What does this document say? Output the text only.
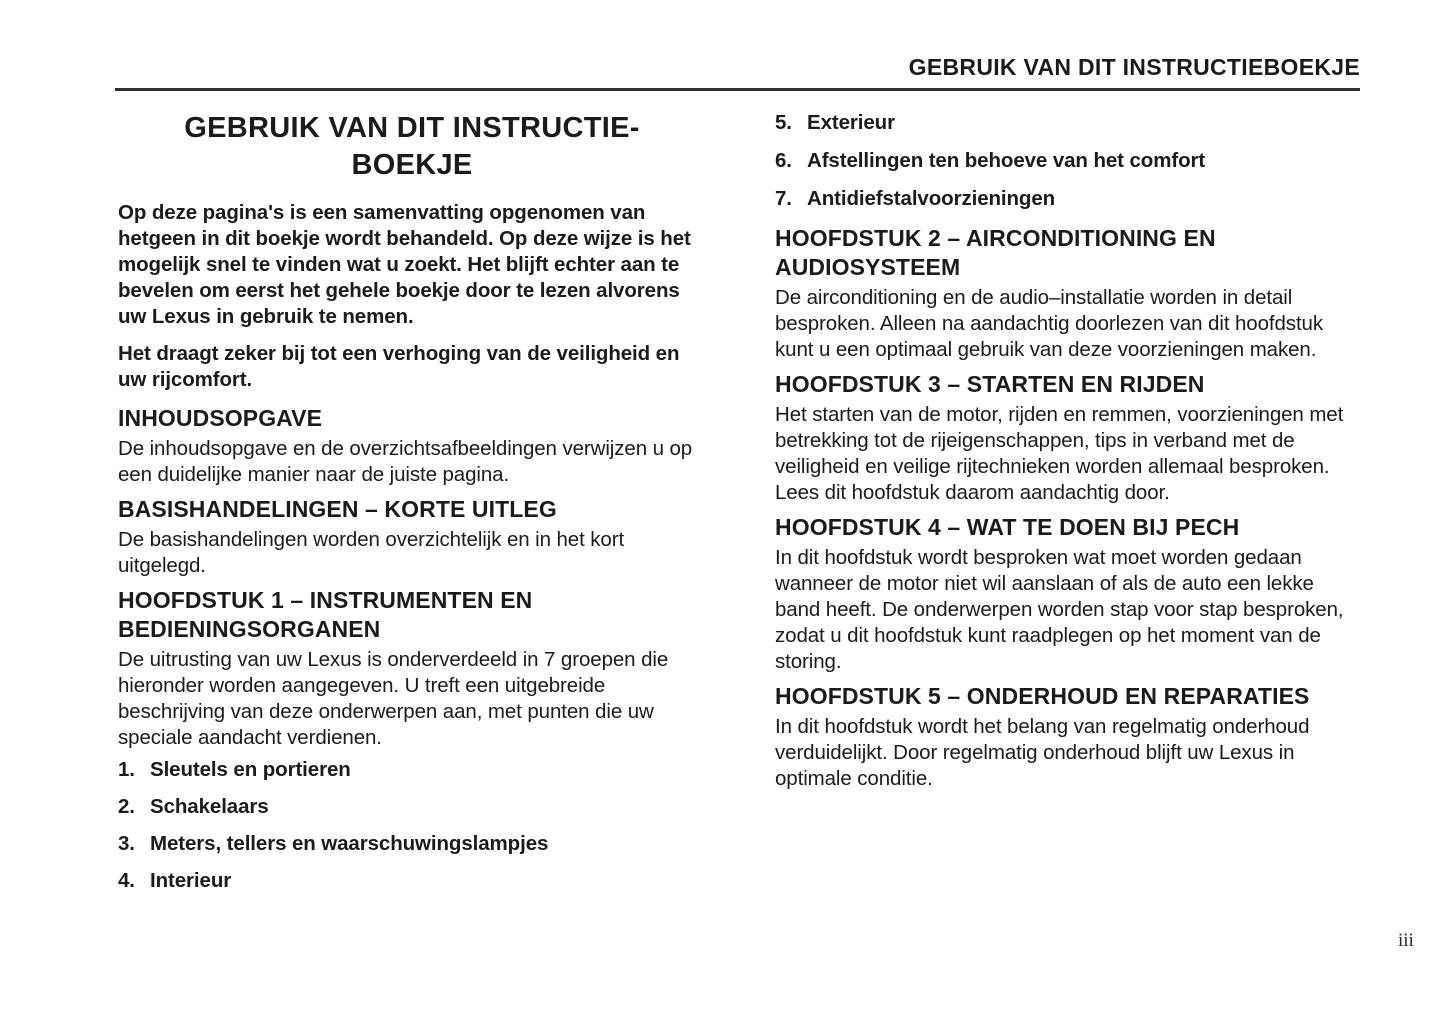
GEBRUIK VAN DIT INSTRUCTIEBOEKJE
GEBRUIK VAN DIT INSTRUCTIE-
BOEKJE

Op deze pagina's is een samenvatting opgenomen van hetgeen in dit boekje wordt behandeld. Op deze wijze is het mogelijk snel te vinden wat u zoekt. Het blijft echter aan te bevelen om eerst het gehele boekje door te lezen alvorens uw Lexus in gebruik te nemen.

Het draagt zeker bij tot een verhoging van de veiligheid en uw rijcomfort.

INHOUDSOPGAVE

De inhoudsopgave en de overzichtsafbeeldingen verwijzen u op een duidelijke manier naar de juiste pagina.

BASISHANDELINGEN – KORTE UITLEG

De basishandelingen worden overzichtelijk en in het kort uitgelegd.

HOOFDSTUK 1 – INSTRUMENTEN EN BEDIENINGSORGANEN

De uitrusting van uw Lexus is onderverdeeld in 7 groepen die hieronder worden aangegeven. U treft een uitgebreide beschrijving van deze onderwerpen aan, met punten die uw speciale aandacht verdienen.

1. Sleutels en portieren
2. Schakelaars
3. Meters, tellers en waarschuwingslampjes
4. Interieur
5. Exterieur
6. Afstellingen ten behoeve van het comfort
7. Antidiefstalvoorzieningen
HOOFDSTUK 2 – AIRCONDITIONING EN AUDIOSYSTEEM

De airconditioning en de audio–installatie worden in detail besproken. Alleen na aandachtig doorlezen van dit hoofdstuk kunt u een optimaal gebruik van deze voorzieningen maken.

HOOFDSTUK 3 – STARTEN EN RIJDEN

Het starten van de motor, rijden en remmen, voorzieningen met betrekking tot de rijeigenschappen, tips in verband met de veiligheid en veilige rijtechnieken worden allemaal besproken. Lees dit hoofdstuk daarom aandachtig door.

HOOFDSTUK 4 – WAT TE DOEN BIJ PECH

In dit hoofdstuk wordt besproken wat moet worden gedaan wanneer de motor niet wil aanslaan of als de auto een lekke band heeft. De onderwerpen worden stap voor stap besproken, zodat u dit hoofdstuk kunt raadplegen op het moment van de storing.

HOOFDSTUK 5 – ONDERHOUD EN REPARATIES

In dit hoofdstuk wordt het belang van regelmatig onderhoud verduidelijkt. Door regelmatig onderhoud blijft uw Lexus in optimale conditie.

iii
